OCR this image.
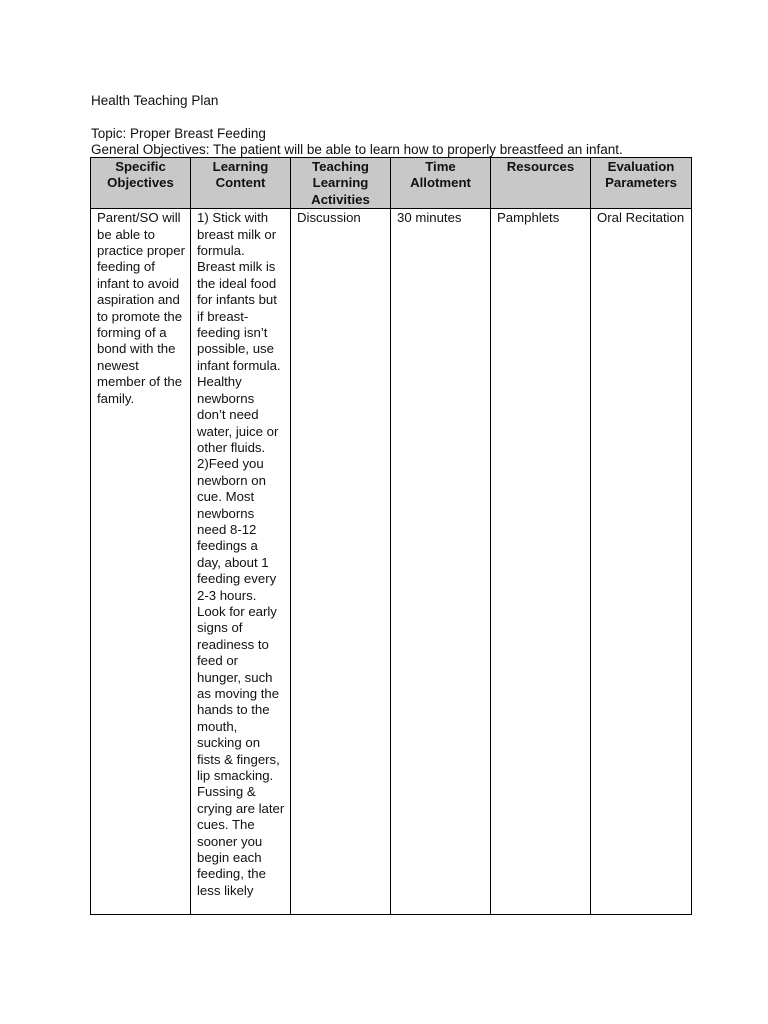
Health Teaching Plan
Topic: Proper Breast Feeding
General Objectives: The patient will be able to learn how to properly breastfeed an infant.
Specific Objectives	Learning Content	Teaching Learning Activities	Time Allotment	Resources	Evaluation Parameters

Parent/SO will be able to practice proper feeding of infant to avoid aspiration and to promote the forming of a bond with the newest member of the family.	1) Stick with breast milk or formula. Breast milk is the ideal food for infants but if breast-feeding isn’t possible, use infant formula. Healthy newborns don’t need water, juice or other fluids. 2)Feed you newborn on cue. Most newborns need 8-12 feedings a day, about 1 feeding every 2-3 hours. Look for early signs of readiness to feed or hunger, such as moving the hands to the mouth, sucking on fists & fingers, lip smacking. Fussing & crying are later cues. The sooner you begin each feeding, the less likely	Discussion	30 minutes	Pamphlets	Oral Recitation
